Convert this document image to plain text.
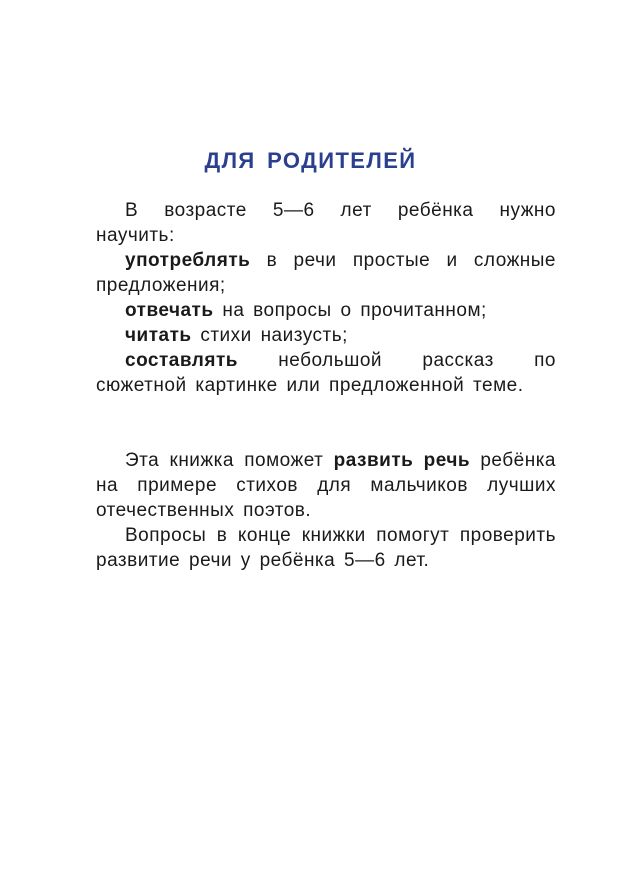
ДЛЯ РОДИТЕЛЕЙ

В возрасте 5—6 лет ребёнка нужно научить:

употреблять в речи простые и сложные предложения;

отвечать на вопросы о прочитанном;

читать стихи наизусть;

составлять небольшой рассказ по сюжетной картинке или предложенной теме.

Эта книжка поможет развить речь ребёнка на примере стихов для мальчиков лучших отечественных поэтов.

Вопросы в конце книжки помогут проверить развитие речи у ребёнка 5—6 лет.
